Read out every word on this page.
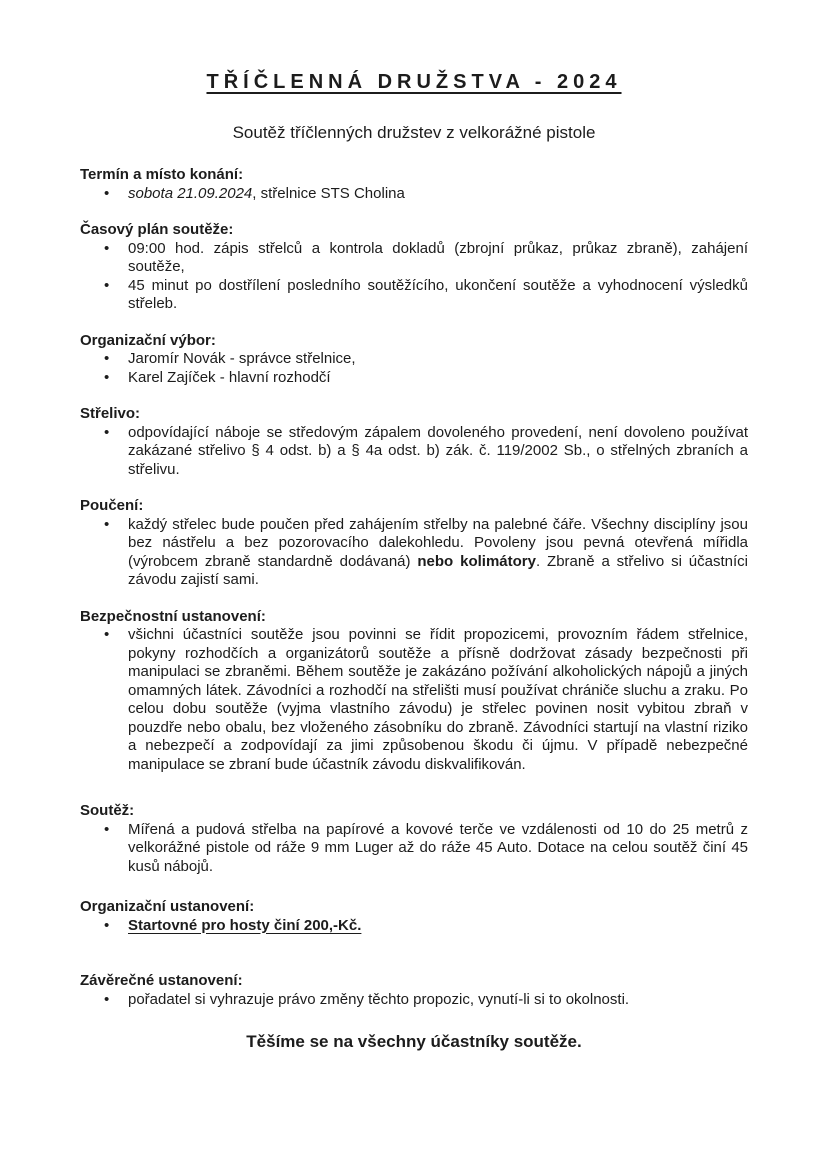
TŘÍČLENNÁ DRUŽSTVA - 2024
Soutěž tříčlenných družstev z velkorážné pistole
Termín a místo konání:
•
sobota 21.09.2024, střelnice STS Cholina
Časový plán soutěže:
•
09:00 hod. zápis střelců a kontrola dokladů (zbrojní průkaz, průkaz zbraně), zahájení soutěže,
•
45 minut po dostřílení posledního soutěžícího, ukončení soutěže a vyhodnocení výsledků střeleb.
Organizační výbor:
•
Jaromír Novák - správce střelnice,
•
Karel Zajíček - hlavní rozhodčí
Střelivo:
•
odpovídající náboje se středovým zápalem dovoleného provedení, není dovoleno používat zakázané střelivo § 4 odst. b) a § 4a odst. b) zák. č. 119/2002 Sb., o střelných zbraních a střelivu.
Poučení:
•
každý střelec bude poučen před zahájením střelby na palebné čáře. Všechny disciplíny jsou bez nástřelu a bez pozorovacího dalekohledu. Povoleny jsou pevná otevřená mířidla (výrobcem zbraně standardně dodávaná) nebo kolimátory. Zbraně a střelivo si účastníci závodu zajistí sami.
Bezpečnostní ustanovení:
•
všichni účastníci soutěže jsou povinni se řídit propozicemi, provozním řádem střelnice, pokyny rozhodčích a organizátorů soutěže a přísně dodržovat zásady bezpečnosti při manipulaci se zbraněmi. Během soutěže je zakázáno požívání alkoholických nápojů a jiných omamných látek. Závodníci a rozhodčí na střelišti musí používat chrániče sluchu a zraku. Po celou dobu soutěže (vyjma vlastního závodu) je střelec povinen nosit vybitou zbraň v pouzdře nebo obalu, bez vloženého zásobníku do zbraně. Závodníci startují na vlastní riziko a nebezpečí a zodpovídají za jimi způsobenou škodu či újmu. V případě nebezpečné manipulace se zbraní bude účastník závodu diskvalifikován.
Soutěž:
•
Mířená a pudová střelba na papírové a kovové terče ve vzdálenosti od 10 do 25 metrů z velkorážné pistole od ráže 9 mm Luger až do ráže 45 Auto. Dotace na celou soutěž činí 45 kusů nábojů.
Organizační ustanovení:
•
Startovné pro hosty činí 200,-Kč.
Závěrečné ustanovení:
•
pořadatel si vyhrazuje právo změny těchto propozic, vynutí-li si to okolnosti.
Těšíme se na všechny účastníky soutěže.
